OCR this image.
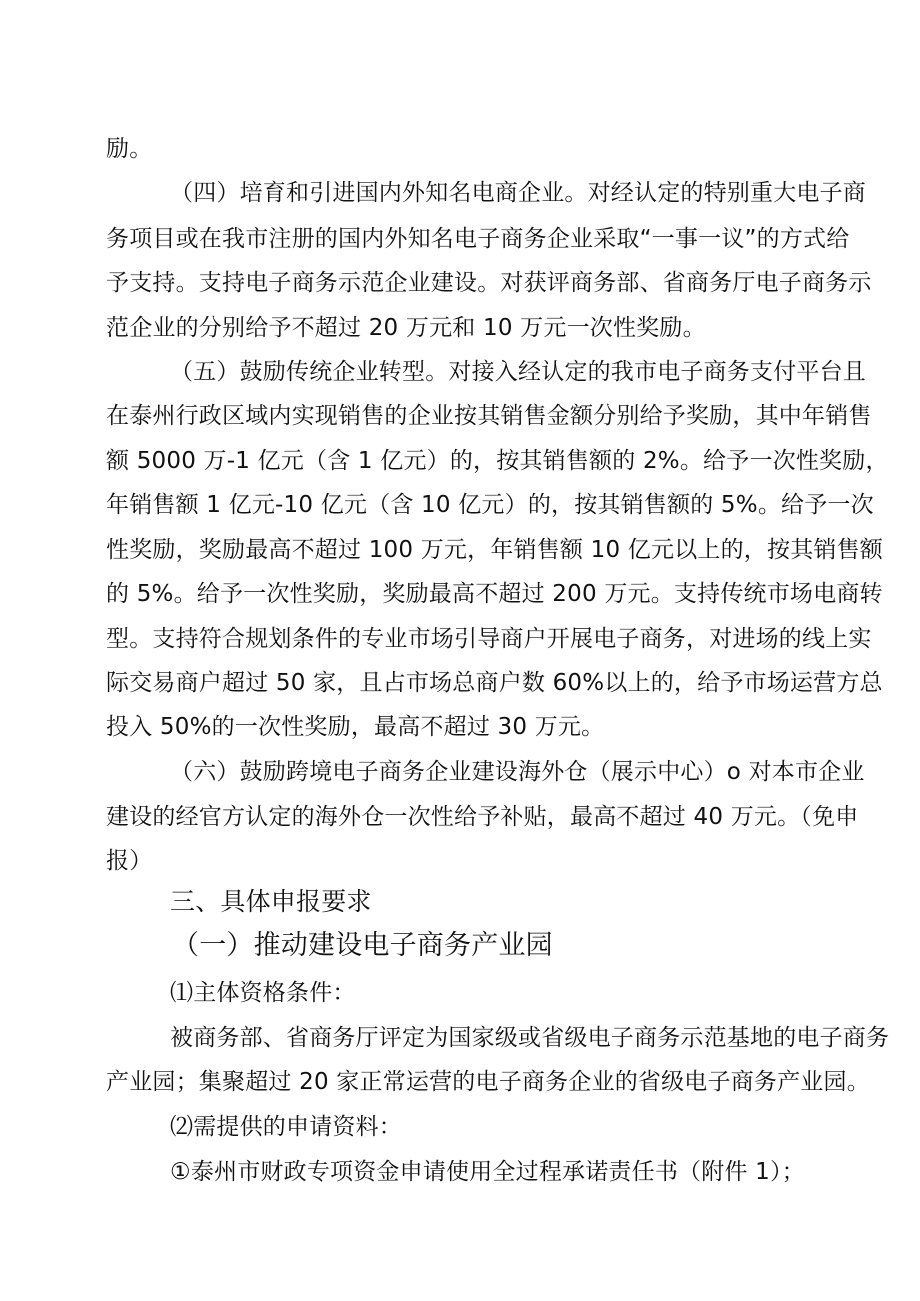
励。
（四）培育和引进国内外知名电商企业。对经认定的特别重大电子商
务项目或在我市注册的国内外知名电子商务企业采取“一事一议”的方式给
予支持。支持电子商务示范企业建设。对获评商务部、省商务厅电子商务示
范企业的分别给予不超过 20 万元和 10 万元一次性奖励。
（五）鼓励传统企业转型。对接入经认定的我市电子商务支付平台且
在泰州行政区域内实现销售的企业按其销售金额分别给予奖励，其中年销售
额 5000 万-1 亿元（含 1 亿元）的，按其销售额的 2%。给予一次性奖励，
年销售额 1 亿元-10 亿元（含 10 亿元）的，按其销售额的 5%。给予一次
性奖励，奖励最高不超过 100 万元，年销售额 10 亿元以上的，按其销售额
的 5%。给予一次性奖励，奖励最高不超过 200 万元。支持传统市场电商转
型。支持符合规划条件的专业市场引导商户开展电子商务，对进场的线上实
际交易商户超过 50 家，且占市场总商户数 60%以上的，给予市场运营方总
投入 50%的一次性奖励，最高不超过 30 万元。
（六）鼓励跨境电子商务企业建设海外仓（展示中心）o 对本市企业
建设的经官方认定的海外仓一次性给予补贴，最高不超过 40 万元。（免申
报）
三、具体申报要求
（一）推动建设电子商务产业园
⑴主体资格条件：
被商务部、省商务厅评定为国家级或省级电子商务示范基地的电子商务
产业园；集聚超过 20 家正常运营的电子商务企业的省级电子商务产业园。
⑵需提供的申请资料：
①泰州市财政专项资金申请使用全过程承诺责任书（附件 1）；
